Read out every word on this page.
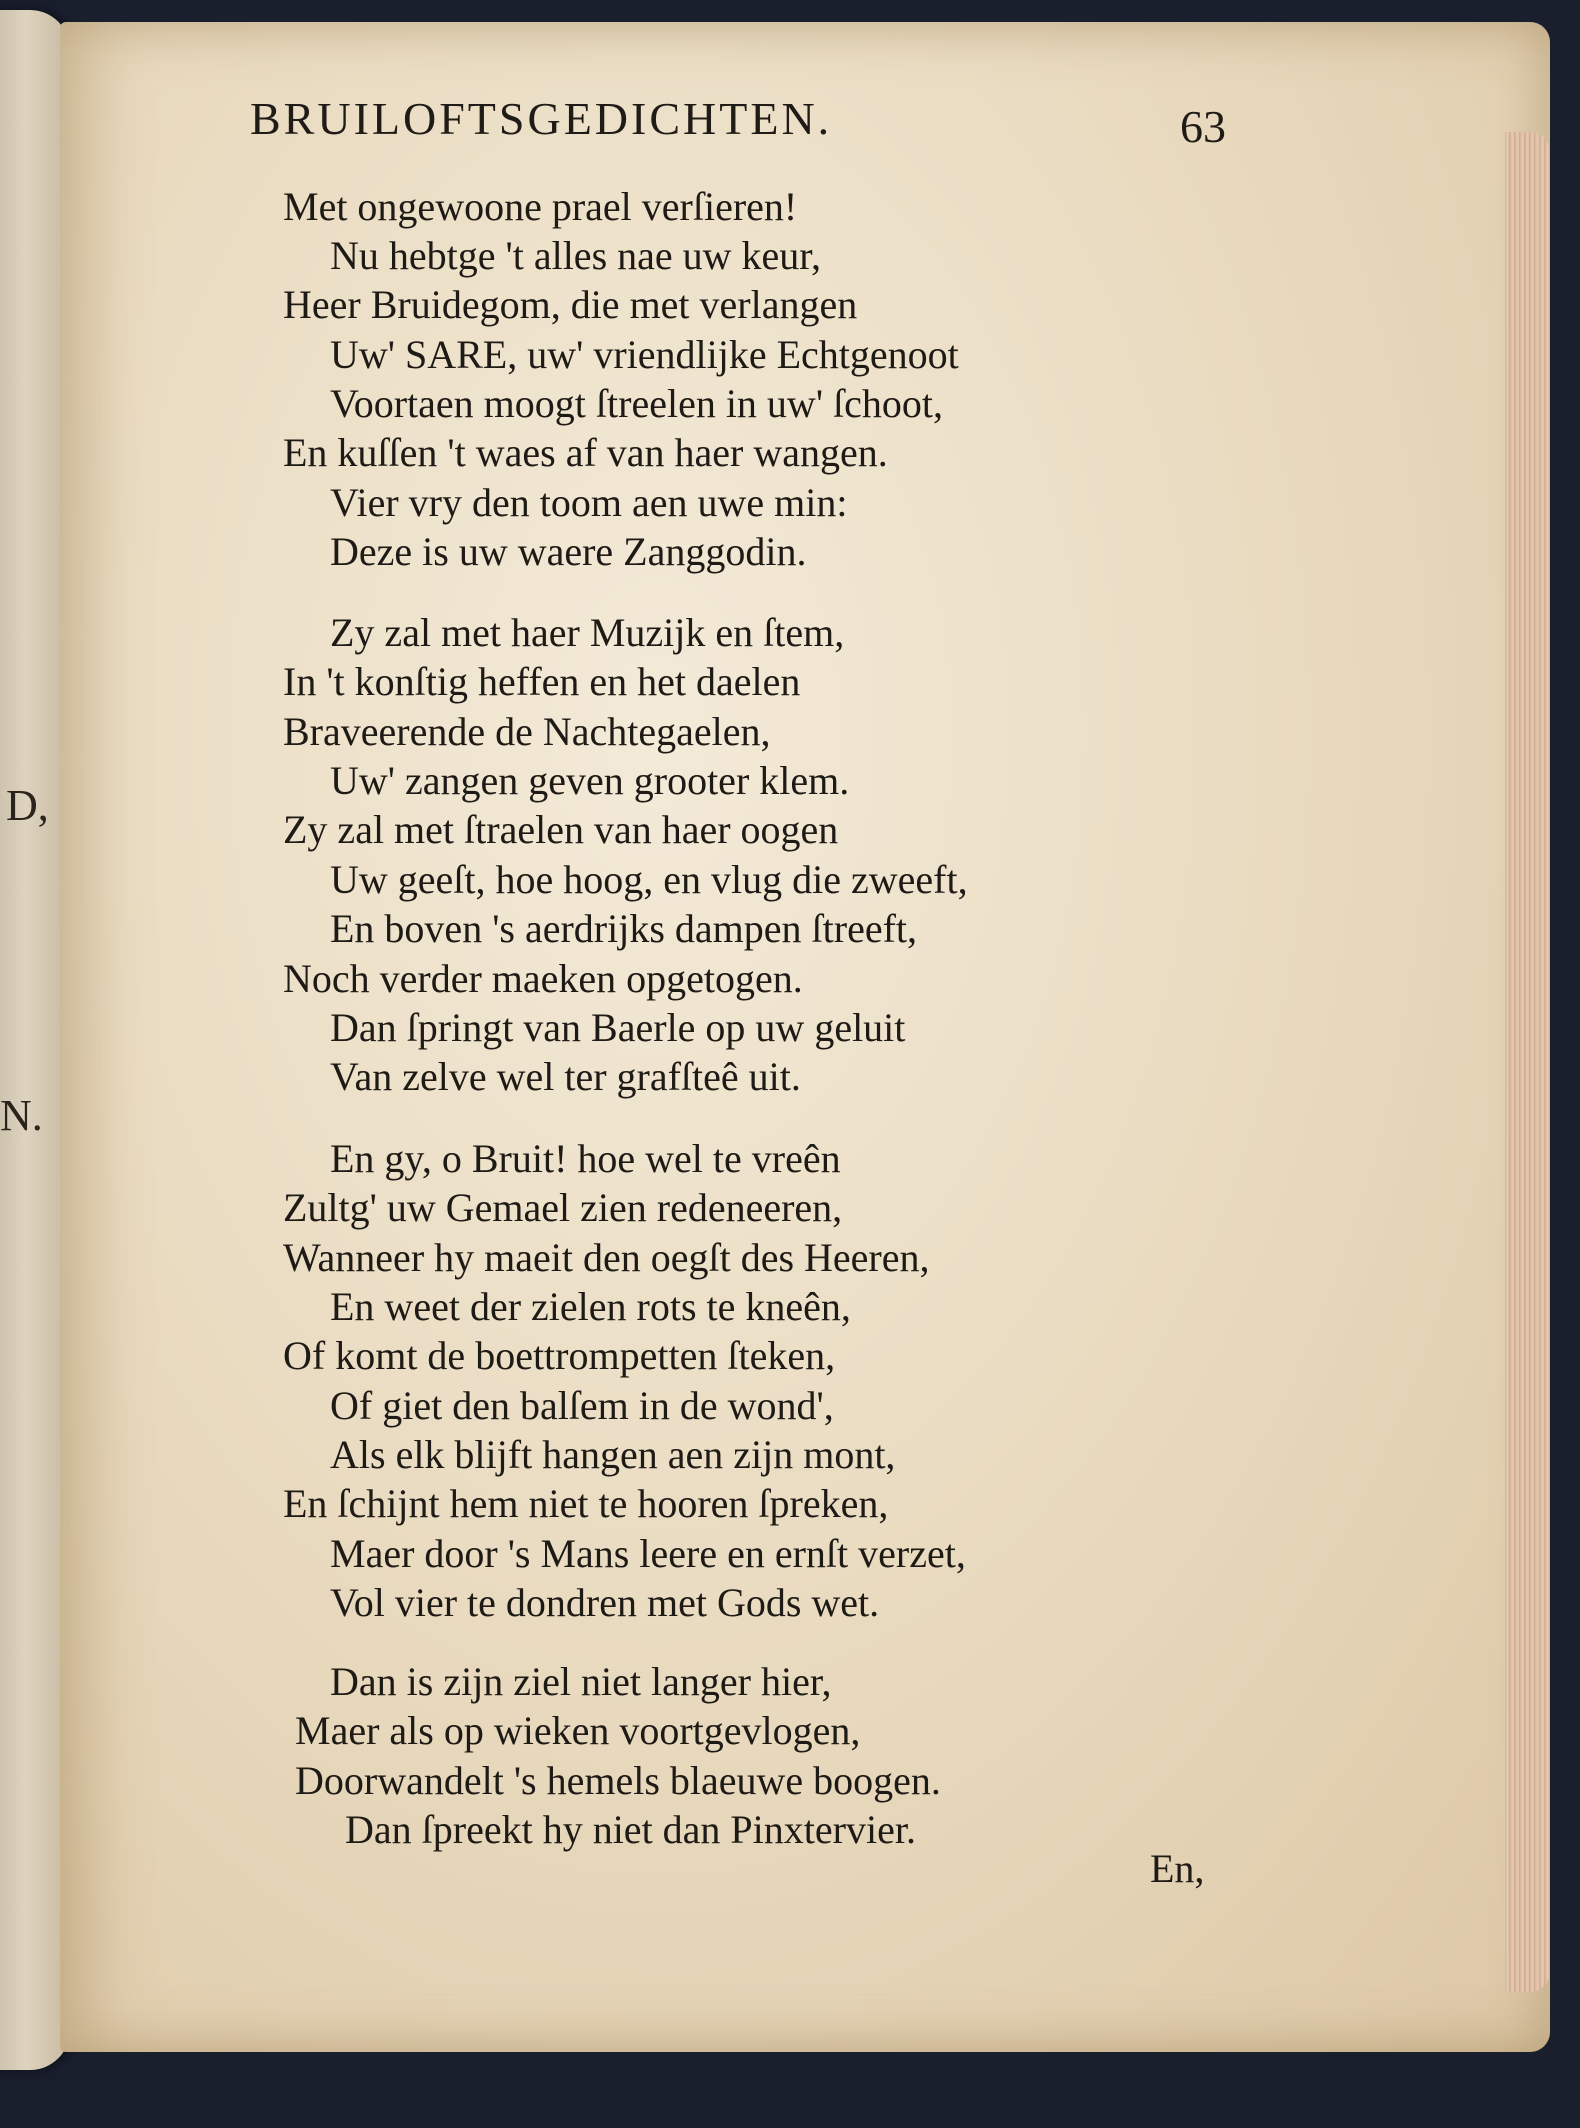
D,
N.
BRUILOFTSGEDICHTEN.	63
Met ongewoone prael verſieren!
Nu hebtge 't alles nae uw keur,
Heer Bruidegom, die met verlangen
Uw' SARE, uw' vriendlijke Echtgenoot
Voortaen moogt ſtreelen in uw' ſchoot,
En kuſſen 't waes af van haer wangen.
Vier vry den toom aen uwe min:
Deze is uw waere Zanggodin.
Zy zal met haer Muzijk en ſtem,
In 't konſtig heffen en het daelen
Braveerende de Nachtegaelen,
Uw' zangen geven grooter klem.
Zy zal met ſtraelen van haer oogen
Uw geeſt, hoe hoog, en vlug die zweeft,
En boven 's aerdrijks dampen ſtreeft,
Noch verder maeken opgetogen.
Dan ſpringt van Baerle op uw geluit
Van zelve wel ter grafſteê uit.
En gy, o Bruit! hoe wel te vreên
Zultg' uw Gemael zien redeneeren,
Wanneer hy maeit den oegſt des Heeren,
En weet der zielen rots te kneên,
Of komt de boettrompetten ſteken,
Of giet den balſem in de wond',
Als elk blijft hangen aen zijn mont,
En ſchijnt hem niet te hooren ſpreken,
Maer door 's Mans leere en ernſt verzet,
Vol vier te dondren met Gods wet.
Dan is zijn ziel niet langer hier,
Maer als op wieken voortgevlogen,
Doorwandelt 's hemels blaeuwe boogen.
Dan ſpreekt hy niet dan Pinxtervier.
En,
